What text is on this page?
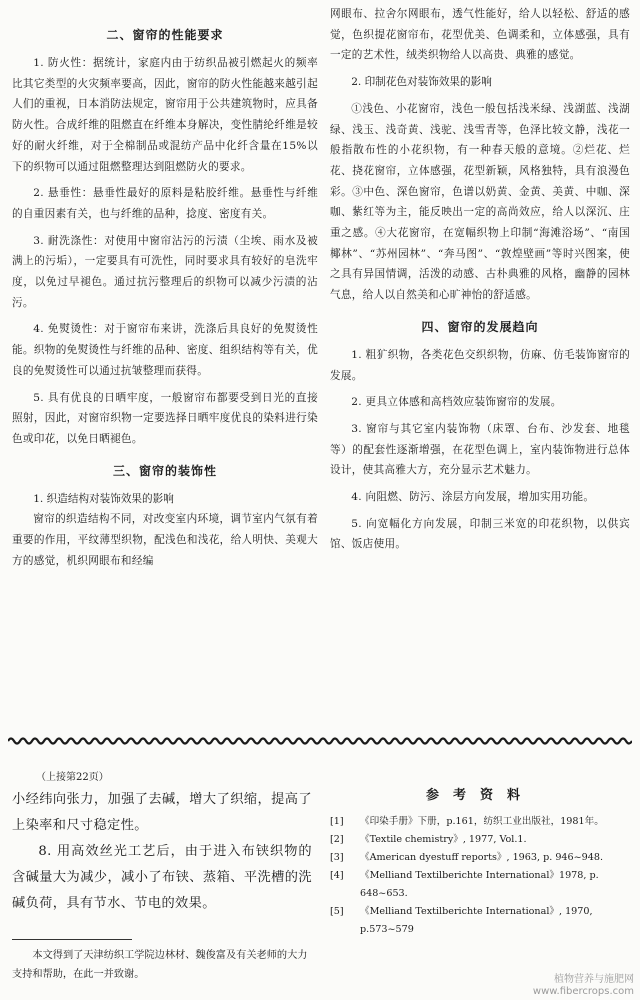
二、窗帘的性能要求

1. 防火性：据统计，家庭内由于纺织品被引燃起火的频率比其它类型的火灾频率要高，因此，窗帘的防火性能越来越引起人们的重视，日本消防法规定，窗帘用于公共建筑物时，应具备防火性。合成纤维的阻燃直在纤维本身解决，变性腈纶纤维是较好的耐火纤维，对于全棉制品或混纺产品中化纤含量在15%以下的织物可以通过阻燃整理达到阻燃防火的要求。

2. 悬垂性：悬垂性最好的原料是粘胶纤维。悬垂性与纤维的自重因素有关，也与纤维的品种，捻度、密度有关。

3. 耐洗涤性：对使用中窗帘沾污的污渍（尘埃、雨水及被满上的污垢），一定要具有可洗性，同时要求具有较好的皂洗牢度，以免过早褪色。通过抗污整理后的织物可以减少污渍的沾污。

4. 免熨烫性：对于窗帘布来讲，洗涤后具良好的免熨烫性能。织物的免熨烫性与纤维的品种、密度、组织结构等有关，优良的免熨烫性可以通过抗皱整理而获得。

5. 具有优良的日晒牢度，一般窗帘布都要受到日光的直接照射，因此，对窗帘织物一定要选择日晒牢度优良的染料进行染色或印花，以免日晒褪色。

三、窗帘的装饰性

1. 织造结构对装饰效果的影响

窗帘的织造结构不同，对改变室内环境，调节室内气氛有着重要的作用，平纹薄型织物，配浅色和浅花，给人明快、美观大方的感觉，机织网眼布和经编

网眼布、拉舍尔网眼布，透气性能好，给人以轻松、舒适的感觉，色织提花窗帘布，花型优美、色调柔和，立体感强，具有一定的艺术性，绒类织物给人以高贵、典雅的感觉。

2. 印制花色对装饰效果的影响

①浅色、小花窗帘，浅色一般包括浅米绿、浅湖蓝、浅湖绿、浅玉、浅奇黄、浅驼、浅雪青等，色泽比较文静，浅花一般指散布性的小花织物，有一种春天般的意境。②烂花、烂花、挠花窗帘，立体感强，花型新颖，风格独特，具有浪漫色彩。③中色、深色窗帘，色谱以奶黄、金黄、美黄、中咖、深咖、紫红等为主，能反映出一定的高尚效应，给人以深沉、庄重之感。④大花窗帘，在宽幅织物上印制“海滩浴场”、“南国椰林”、“苏州园林”、“奔马图”、“敦煌壁画”等时兴图案，使之具有异国情调，活泼的动感、古朴典雅的风格，幽静的园林气息，给人以自然美和心旷神怡的舒适感。

四、窗帘的发展趋向

1. 粗犷织物，各类花色交织织物，仿麻、仿毛装饰窗帘的发展。

2. 更具立体感和高档效应装饰窗帘的发展。

3. 窗帘与其它室内装饰物（床罩、台布、沙发套、地毯等）的配套性逐渐增强，在花型色调上，室内装饰物进行总体设计，使其高雅大方，充分显示艺术魅力。

4. 向阻燃、防污、涂层方向发展，增加实用功能。

5. 向宽幅化方向发展，印制三米宽的印花织物，以供宾馆、饭店使用。

（上接第22页）

小经纬向张力，加强了去碱，增大了织缩，提高了上染率和尺寸稳定性。

8. 用高效丝光工艺后，由于进入布铗织物的含碱量大为减少，减小了布铗、蒸箱、平洗槽的洗碱负荷，具有节水、节电的效果。

本文得到了天津纺织工学院边林材、魏俊富及有关老师的大力支持和帮助，在此一并致谢。

参考资料
[1]	《印染手册》下册，p.161，纺织工业出版社，1981年。
[2]	《Textile chemistry》, 1977, Vol.1.
[3]	《American dyestuff reports》, 1963, p. 946~948.
[4]	《Melliand Textilberichte International》1978, p. 648~653.
[5]	《Melliand Textilberichte International》, 1970, p.573~579
植物营养与施肥网
www.fibercrops.com
